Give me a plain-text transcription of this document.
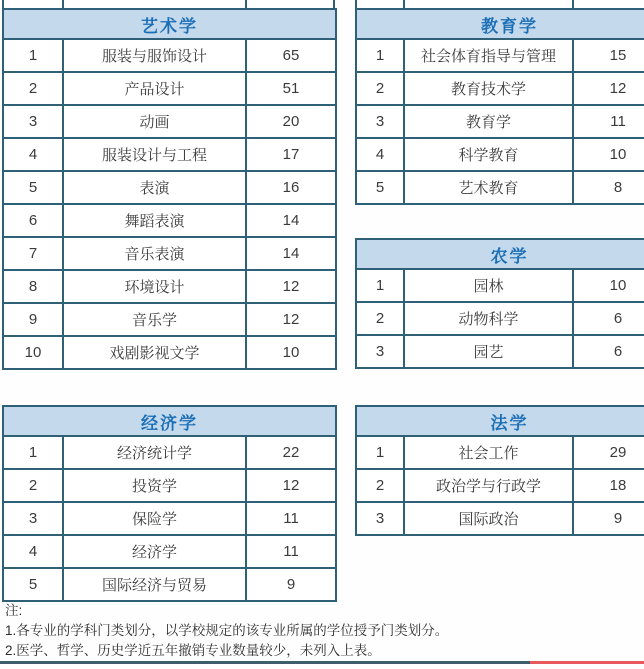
艺术学		
1	服装与服饰设计	65
2	产品设计	51
3	动画	20
4	服装设计与工程	17
5	表演	16
6	舞蹈表演	14
7	音乐表演	14
8	环境设计	12
9	音乐学	12
10	戏剧影视文学	10
经济学		
1	经济统计学	22
2	投资学	12
3	保险学	11
4	经济学	11
5	国际经济与贸易	9
教育学		
1	社会体育指导与管理	15
2	教育技术学	12
3	教育学	11
4	科学教育	10
5	艺术教育	8
农学		
1	园林	10
2	动物科学	6
3	园艺	6
法学		
1	社会工作	29
2	政治学与行政学	18
3	国际政治	9
注:
1.各专业的学科门类划分，以学校规定的该专业所属的学位授予门类划分。
2.医学、哲学、历史学近五年撤销专业数量较少，未列入上表。
